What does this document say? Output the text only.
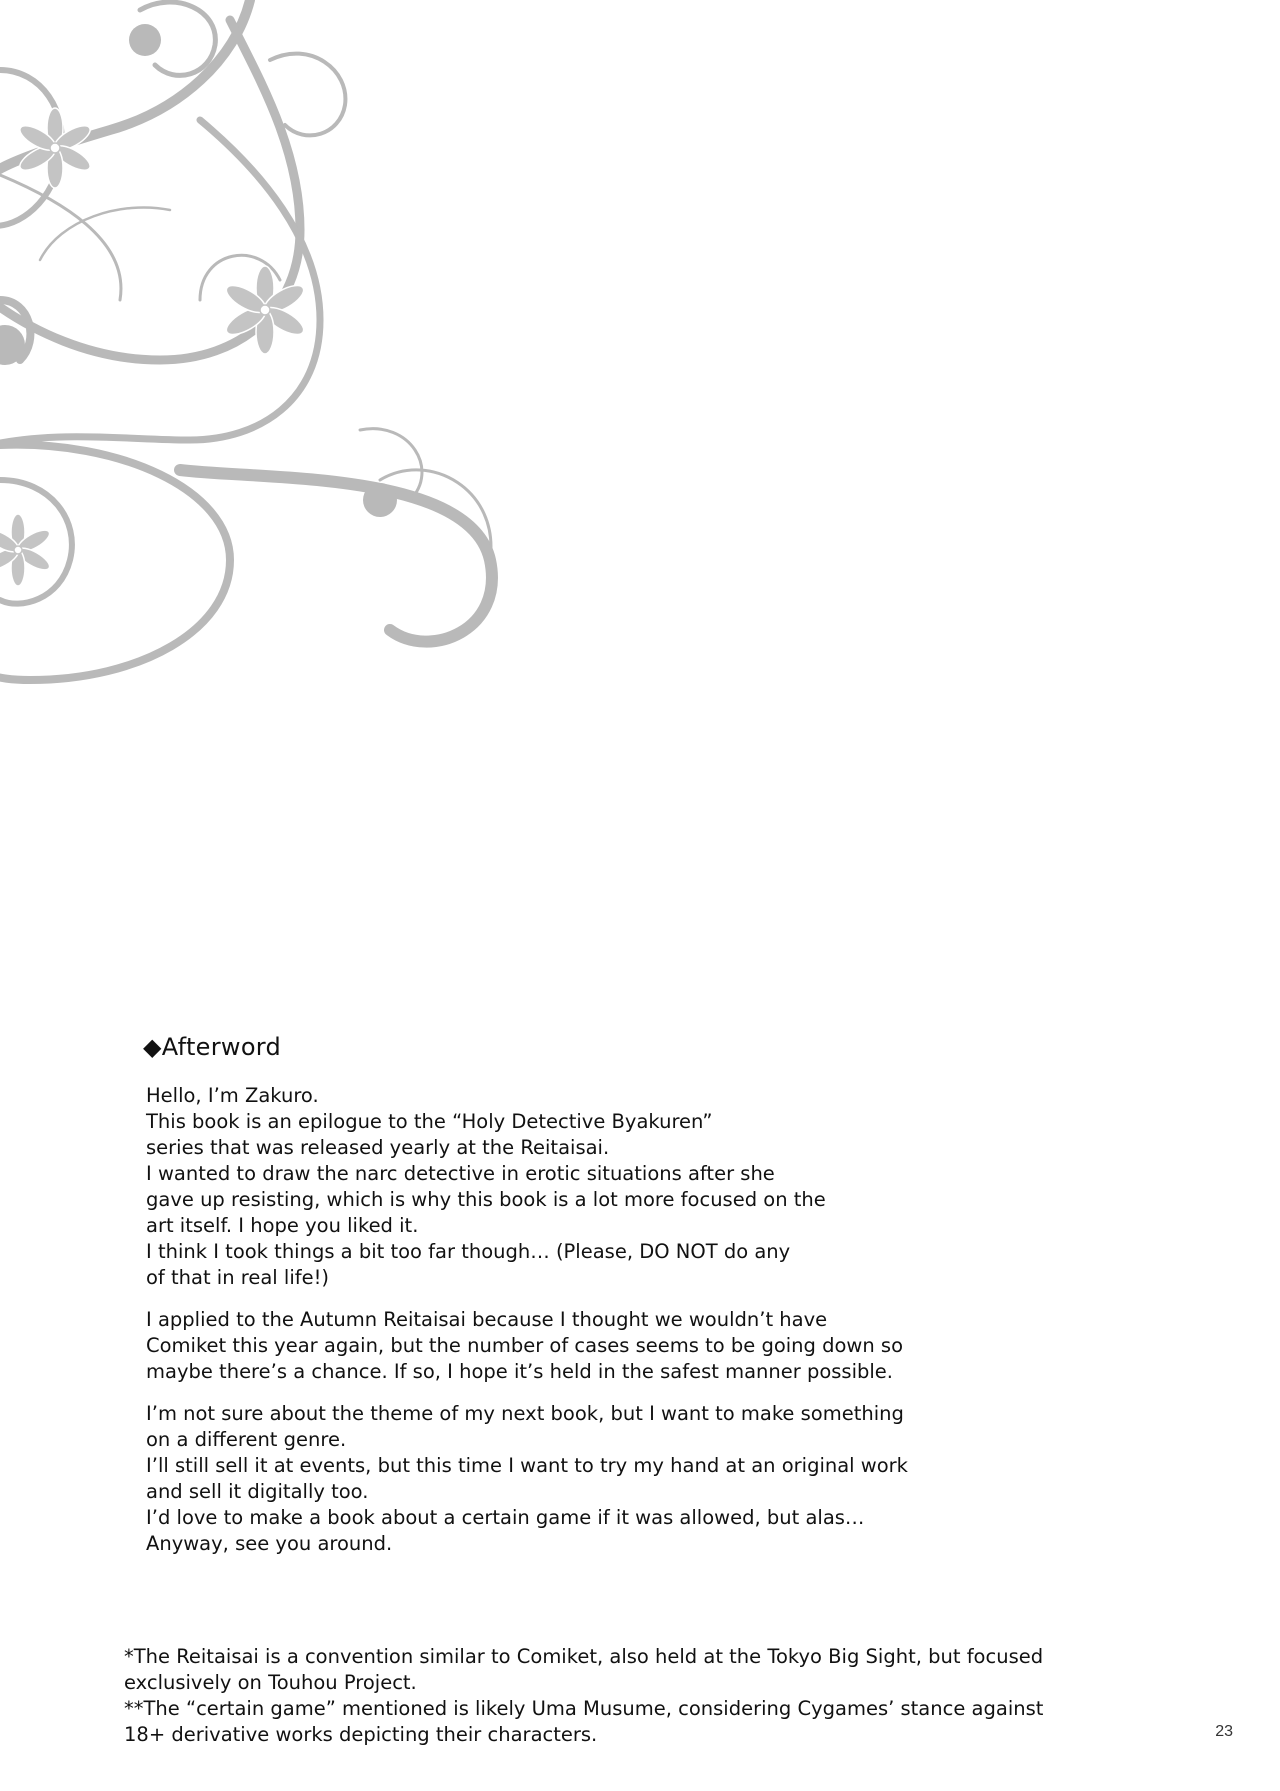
◆Afterword

Hello, I’m Zakuro.
This book is an epilogue to the “Holy Detective Byakuren”
series that was released yearly at the Reitaisai.
I wanted to draw the narc detective in erotic situations after she
gave up resisting, which is why this book is a lot more focused on the
art itself. I hope you liked it.
I think I took things a bit too far though… (Please, DO NOT do any
of that in real life!)

I applied to the Autumn Reitaisai because I thought we wouldn’t have
Comiket this year again, but the number of cases seems to be going down so
maybe there’s a chance. If so, I hope it’s held in the safest manner possible.

I’m not sure about the theme of my next book, but I want to make something
on a different genre.
I’ll still sell it at events, but this time I want to try my hand at an original work
and sell it digitally too.
I’d love to make a book about a certain game if it was allowed, but alas…
Anyway, see you around.

*The Reitaisai is a convention similar to Comiket, also held at the Tokyo Big Sight, but focused
exclusively on Touhou Project.
**The “certain game” mentioned is likely Uma Musume, considering Cygames’ stance against
18+ derivative works depicting their characters.	23
